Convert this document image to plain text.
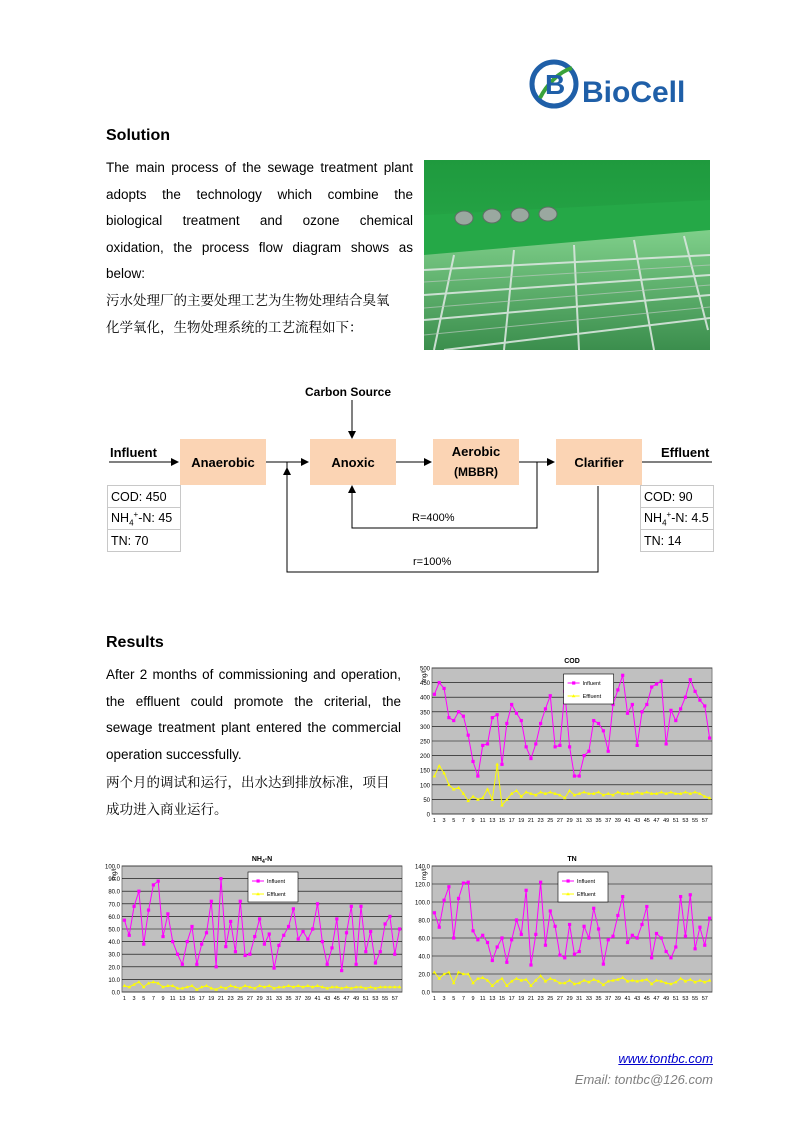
B BioCell
Solution
The main process of the sewage treatment plant
adopts the technology which combine the
biological treatment and ozone chemical
oxidation, the process flow diagram shows as
below:
污水处理厂的主要处理工艺为生物处理结合臭氧
化学氧化，生物处理系统的工艺流程如下：
Carbon Source
Influent	Effluent
Anaerobic	Anoxic
Aerobic
(MBBR)
Clarifier
COD: 450
$NH_4^+-N$: 45
TN: 70
COD: 90
$NH_4^+-N$: 4.5
TN: 14
R=400%
r=100%
Results
After 2 months of commissioning and operation,
the effluent could promote the criterial, the
sewage treatment plant entered the commercial
operation successfully.
两个月的调试和运行，出水达到排放标准，项目
成功进入商业运行。	0
50
100
150
200
250
300
350
400
450
500
1 3 5 7 9 11 13 15 17 19 21 23 25 27 29 31 33 35 37 39 41 43 45 47 49 51 53 55 57
COD
mg/l
Influent
Effluent
0.0
10.0
20.0
30.0
40.0
50.0
60.0
70.0
80.0
90.0
100.0
1 3 5 7 9 11 13 15 17 19 21 23 25 27 29 31 33 35 37 39 41 43 45 47 49 51 53 55 57
$NH_4-N$
mg/l
Influent
Effluent
0.0
20.0
40.0
60.0
80.0
100.0
120.0
140.0
1 3 5 7 9 11 13 15 17 19 21 23 25 27 29 31 33 35 37 39 41 43 45 47 49 51 53 55 57
TN
mg/l
Influent
Effluent
www.tontbc.com
Email: tontbc@126.com
